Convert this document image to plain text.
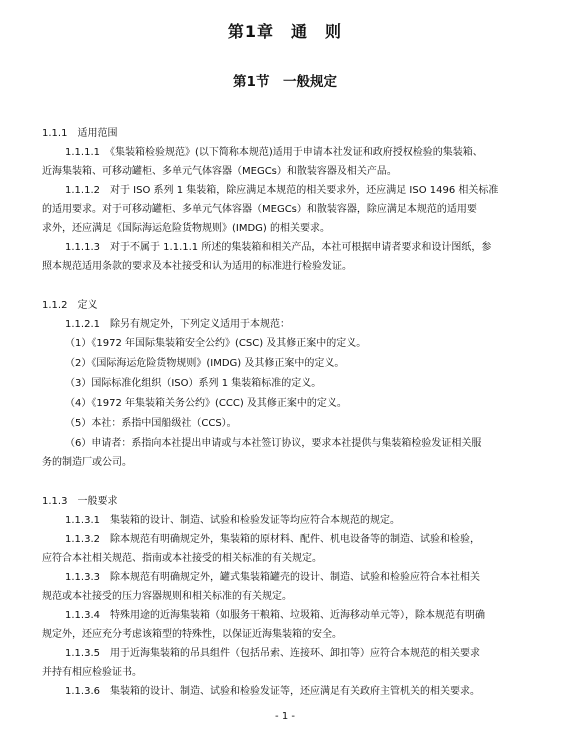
第1章　通　则
第1节　一般规定
1.1.1　适用范围
1.1.1.1　《集装箱检验规范》(以下简称本规范)适用于申请本社发证和政府授权检验的集装箱、
近海集装箱、可移动罐柜、多单元气体容器（MEGCs）和散装容器及相关产品。
1.1.1.2　对于 ISO 系列 1 集装箱，除应满足本规范的相关要求外，还应满足 ISO 1496 相关标准
的适用要求。对于可移动罐柜、多单元气体容器（MEGCs）和散装容器，除应满足本规范的适用要
求外，还应满足《国际海运危险货物规则》(IMDG) 的相关要求。
1.1.1.3　对于不属于 1.1.1.1 所述的集装箱和相关产品，本社可根据申请者要求和设计图纸，参
照本规范适用条款的要求及本社接受和认为适用的标准进行检验发证。
1.1.2　定义
1.1.2.1　除另有规定外，下列定义适用于本规范：
（1）《1972 年国际集装箱安全公约》(CSC) 及其修正案中的定义。
（2）《国际海运危险货物规则》(IMDG) 及其修正案中的定义。
（3）国际标准化组织（ISO）系列 1 集装箱标准的定义。
（4）《1972 年集装箱关务公约》(CCC) 及其修正案中的定义。
（5）本社：系指中国船级社（CCS）。
（6）申请者：系指向本社提出申请或与本社签订协议，要求本社提供与集装箱检验发证相关服
务的制造厂或公司。
1.1.3　一般要求
1.1.3.1　集装箱的设计、制造、试验和检验发证等均应符合本规范的规定。
1.1.3.2　除本规范有明确规定外，集装箱的原材料、配件、机电设备等的制造、试验和检验，
应符合本社相关规范、指南或本社接受的相关标准的有关规定。
1.1.3.3　除本规范有明确规定外，罐式集装箱罐壳的设计、制造、试验和检验应符合本社相关
规范或本社接受的压力容器规则和相关标准的有关规定。
1.1.3.4　特殊用途的近海集装箱（如服务干粮箱、垃圾箱、近海移动单元等），除本规范有明确
规定外，还应充分考虑该箱型的特殊性，以保证近海集装箱的安全。
1.1.3.5　用于近海集装箱的吊具组件（包括吊索、连接环、卸扣等）应符合本规范的相关要求
并持有相应检验证书。
1.1.3.6　集装箱的设计、制造、试验和检验发证等，还应满足有关政府主管机关的相关要求。
- 1 -
